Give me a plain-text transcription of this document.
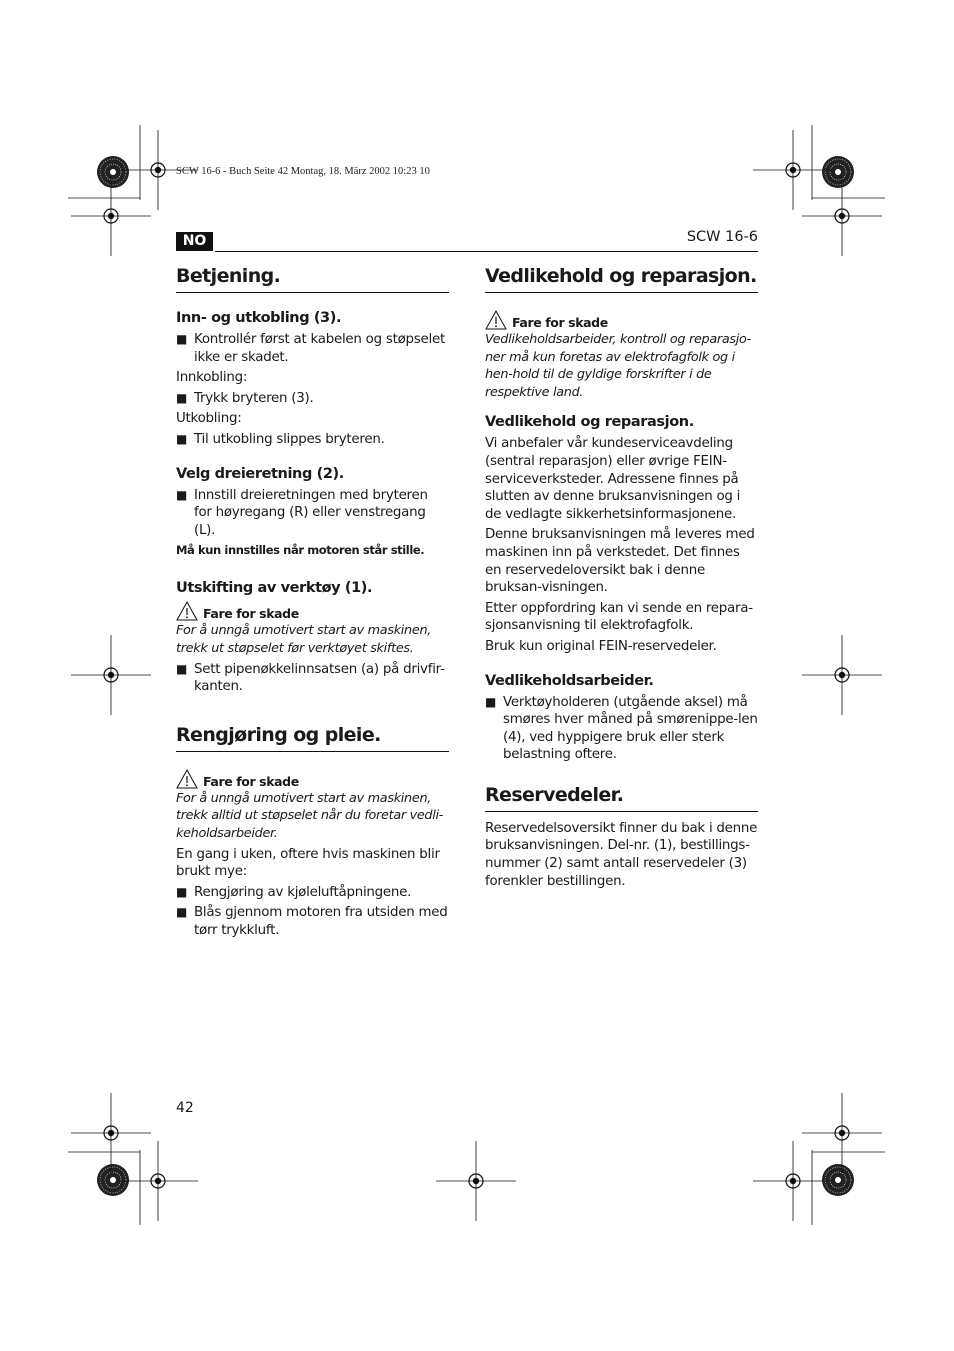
SCW 16-6 - Buch Seite 42 Montag, 18. März 2002 10:23 10
NO	SCW 16-6
Betjening.
Inn- og utkobling (3).
■ Kontrollér først at kabelen og støpselet ikke er skadet.
Innkobling:
■ Trykk bryteren (3).
Utkobling:
■ Til utkobling slippes bryteren.
Velg dreieretning (2).
■ Innstill dreieretningen med bryteren for høyregang (R) eller venstregang (L).
Må kun innstilles når motoren står stille.
Utskifting av verktøy (1).
Fare for skade
For å unngå umotivert start av maskinen, trekk ut støpselet før verktøyet skiftes.
■ Sett pipenøkkelinnsatsen (a) på drivfir-kanten.
Rengjøring og pleie.
Fare for skade
For å unngå umotivert start av maskinen, trekk alltid ut støpselet når du foretar vedli-keholdsarbeider.
En gang i uken, oftere hvis maskinen blir brukt mye:
■ Rengjøring av kjøleluftåpningene.
■ Blås gjennom motoren fra utsiden med tørr trykkluft.
Vedlikehold og reparasjon.
Fare for skade
Vedlikeholdsarbeider, kontroll og reparasjo-ner må kun foretas av elektrofagfolk og i hen-hold til de gyldige forskrifter i de respektive land.
Vedlikehold og reparasjon.
Vi anbefaler vår kundeserviceavdeling (sentral reparasjon) eller øvrige FEIN-serviceverksteder. Adressene finnes på slutten av denne bruksanvisningen og i de vedlagte sikkerhetsinformasjonene.
Denne bruksanvisningen må leveres med maskinen inn på verkstedet. Det finnes en reservedeloversikt bak i denne bruksan-visningen.
Etter oppfordring kan vi sende en repara-sjonsanvisning til elektrofagfolk.
Bruk kun original FEIN-reservedeler.
Vedlikeholdsarbeider.
■ Verktøyholderen (utgående aksel) må smøres hver måned på smørenippe-len (4), ved hyppigere bruk eller sterk belastning oftere.
Reservedeler.
Reservedelsoversikt finner du bak i denne bruksanvisningen. Del-nr. (1), bestillings-nummer (2) samt antall reservedeler (3) forenkler bestillingen.
42
